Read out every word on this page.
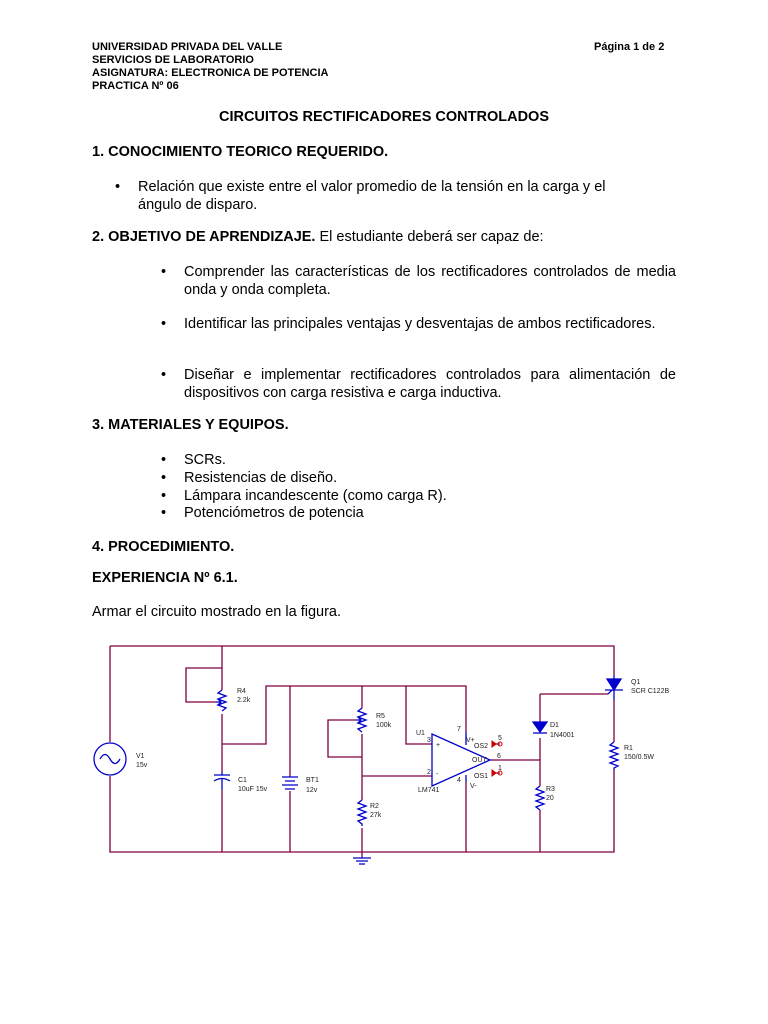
UNIVERSIDAD PRIVADA DEL VALLE
SERVICIOS DE LABORATORIO
ASIGNATURA: ELECTRONICA DE POTENCIA
PRACTICA Nº 06
Página 1 de 2
CIRCUITOS RECTIFICADORES CONTROLADOS
1. CONOCIMIENTO TEORICO REQUERIDO.
• Relación que existe entre el valor promedio de la tensión en la carga y el ángulo de disparo.
2. OBJETIVO DE APRENDIZAJE. El estudiante deberá ser capaz de:
• Comprender las características de los rectificadores controlados de media onda y onda completa.
• Identificar las principales ventajas y desventajas de ambos rectificadores.
• Diseñar e implementar rectificadores controlados para alimentación de dispositivos con carga resistiva e carga inductiva.
3. MATERIALES Y EQUIPOS.
• SCRs.
• Resistencias de diseño.
• Lámpara incandescente (como carga R).
• Potenciómetros de potencia
4. PROCEDIMIENTO.
EXPERIENCIA Nº 6.1.
Armar el circuito mostrado en la figura.
V1
15v
R4
2.2k
C1
10uF 15v
BT1
12v
R5
100k
R2
27k
U1
LM741
3
2
7
4
6
5
1
+
-
OS2
OUT
OS1
V+
V-
D1
1N4001
R3
20
Q1
SCR C122B
R1
150/0.5W
